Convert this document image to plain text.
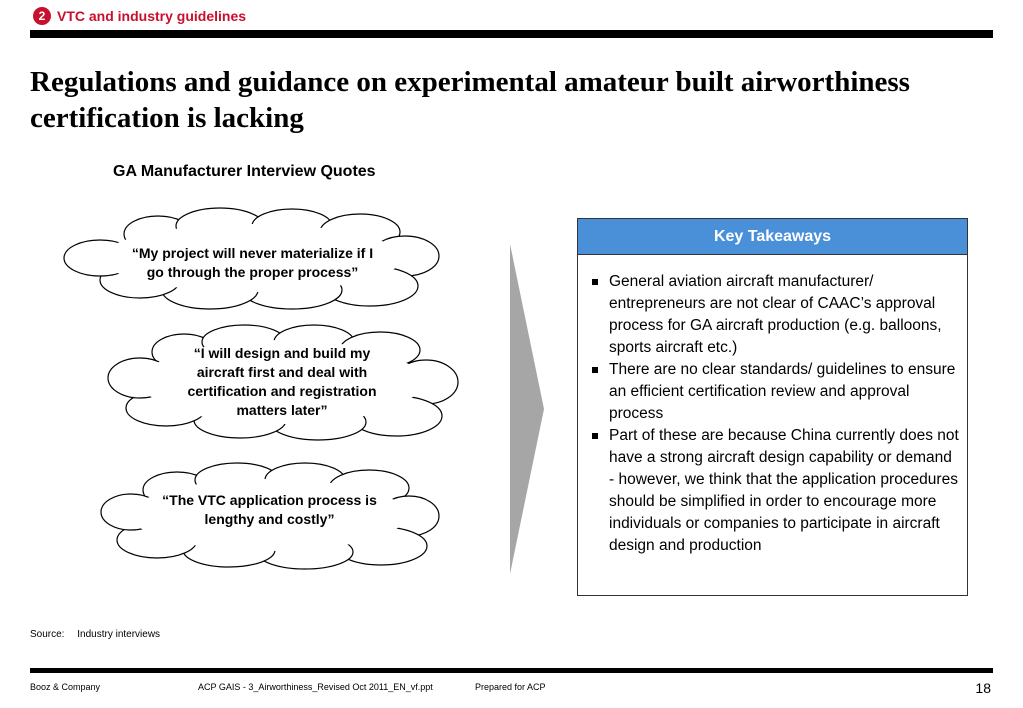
2 VTC and industry guidelines
Regulations and guidance on experimental amateur built airworthiness certification is lacking
GA Manufacturer Interview Quotes
“My project will never materialize if I
go through the proper process”
“I will design and build my
aircraft first and deal with
certification and registration
matters later”
“The VTC application process is
lengthy and costly”
Key Takeaways
General aviation aircraft manufacturer/ entrepreneurs are not clear of CAAC’s approval process for GA aircraft production (e.g. balloons, sports aircraft etc.)
There are no clear standards/ guidelines to ensure an efficient certification review and approval process
Part of these are because China currently does not have a strong aircraft design capability or demand - however, we think that the application procedures should be simplified in order to encourage more individuals or companies to participate in aircraft design and production
Source: Industry interviews
Booz & Company	ACP GAIS - 3_Airworthiness_Revised Oct 2011_EN_vf.ppt	Prepared for ACP	18
